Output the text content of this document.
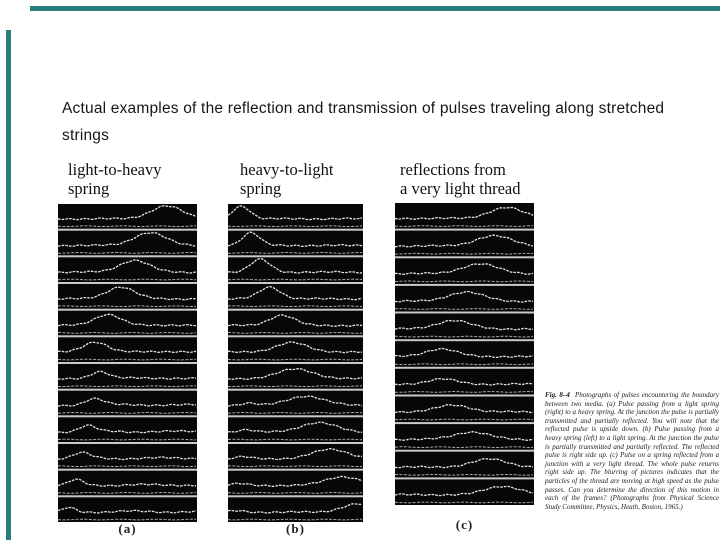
Actual examples of the reflection and transmission of pulses traveling along stretched
strings
light-to-heavy
spring
heavy-to-light
spring
reflections from
a very light thread
(a)	(b)	(c)
Fig. 8–4 Photographs of pulses encountering the boundary between two media. (a) Pulse passing from a light spring (right) to a heavy spring. At the junction the pulse is partially transmitted and partially reflected. You will note that the reflected pulse is upside down. (b) Pulse passing from a heavy spring (left) to a light spring. At the junction the pulse is partially transmitted and partially reflected. The reflected pulse is right side up. (c) Pulse on a spring reflected from a junction with a very light thread. The whole pulse returns right side up. The blurring of pictures indicates that the particles of the thread are moving at high speed as the pulse passes. Can you determine the direction of this motion in each of the frames? (Photographs from Physical Science Study Committee, Physics, Heath, Boston, 1965.)
